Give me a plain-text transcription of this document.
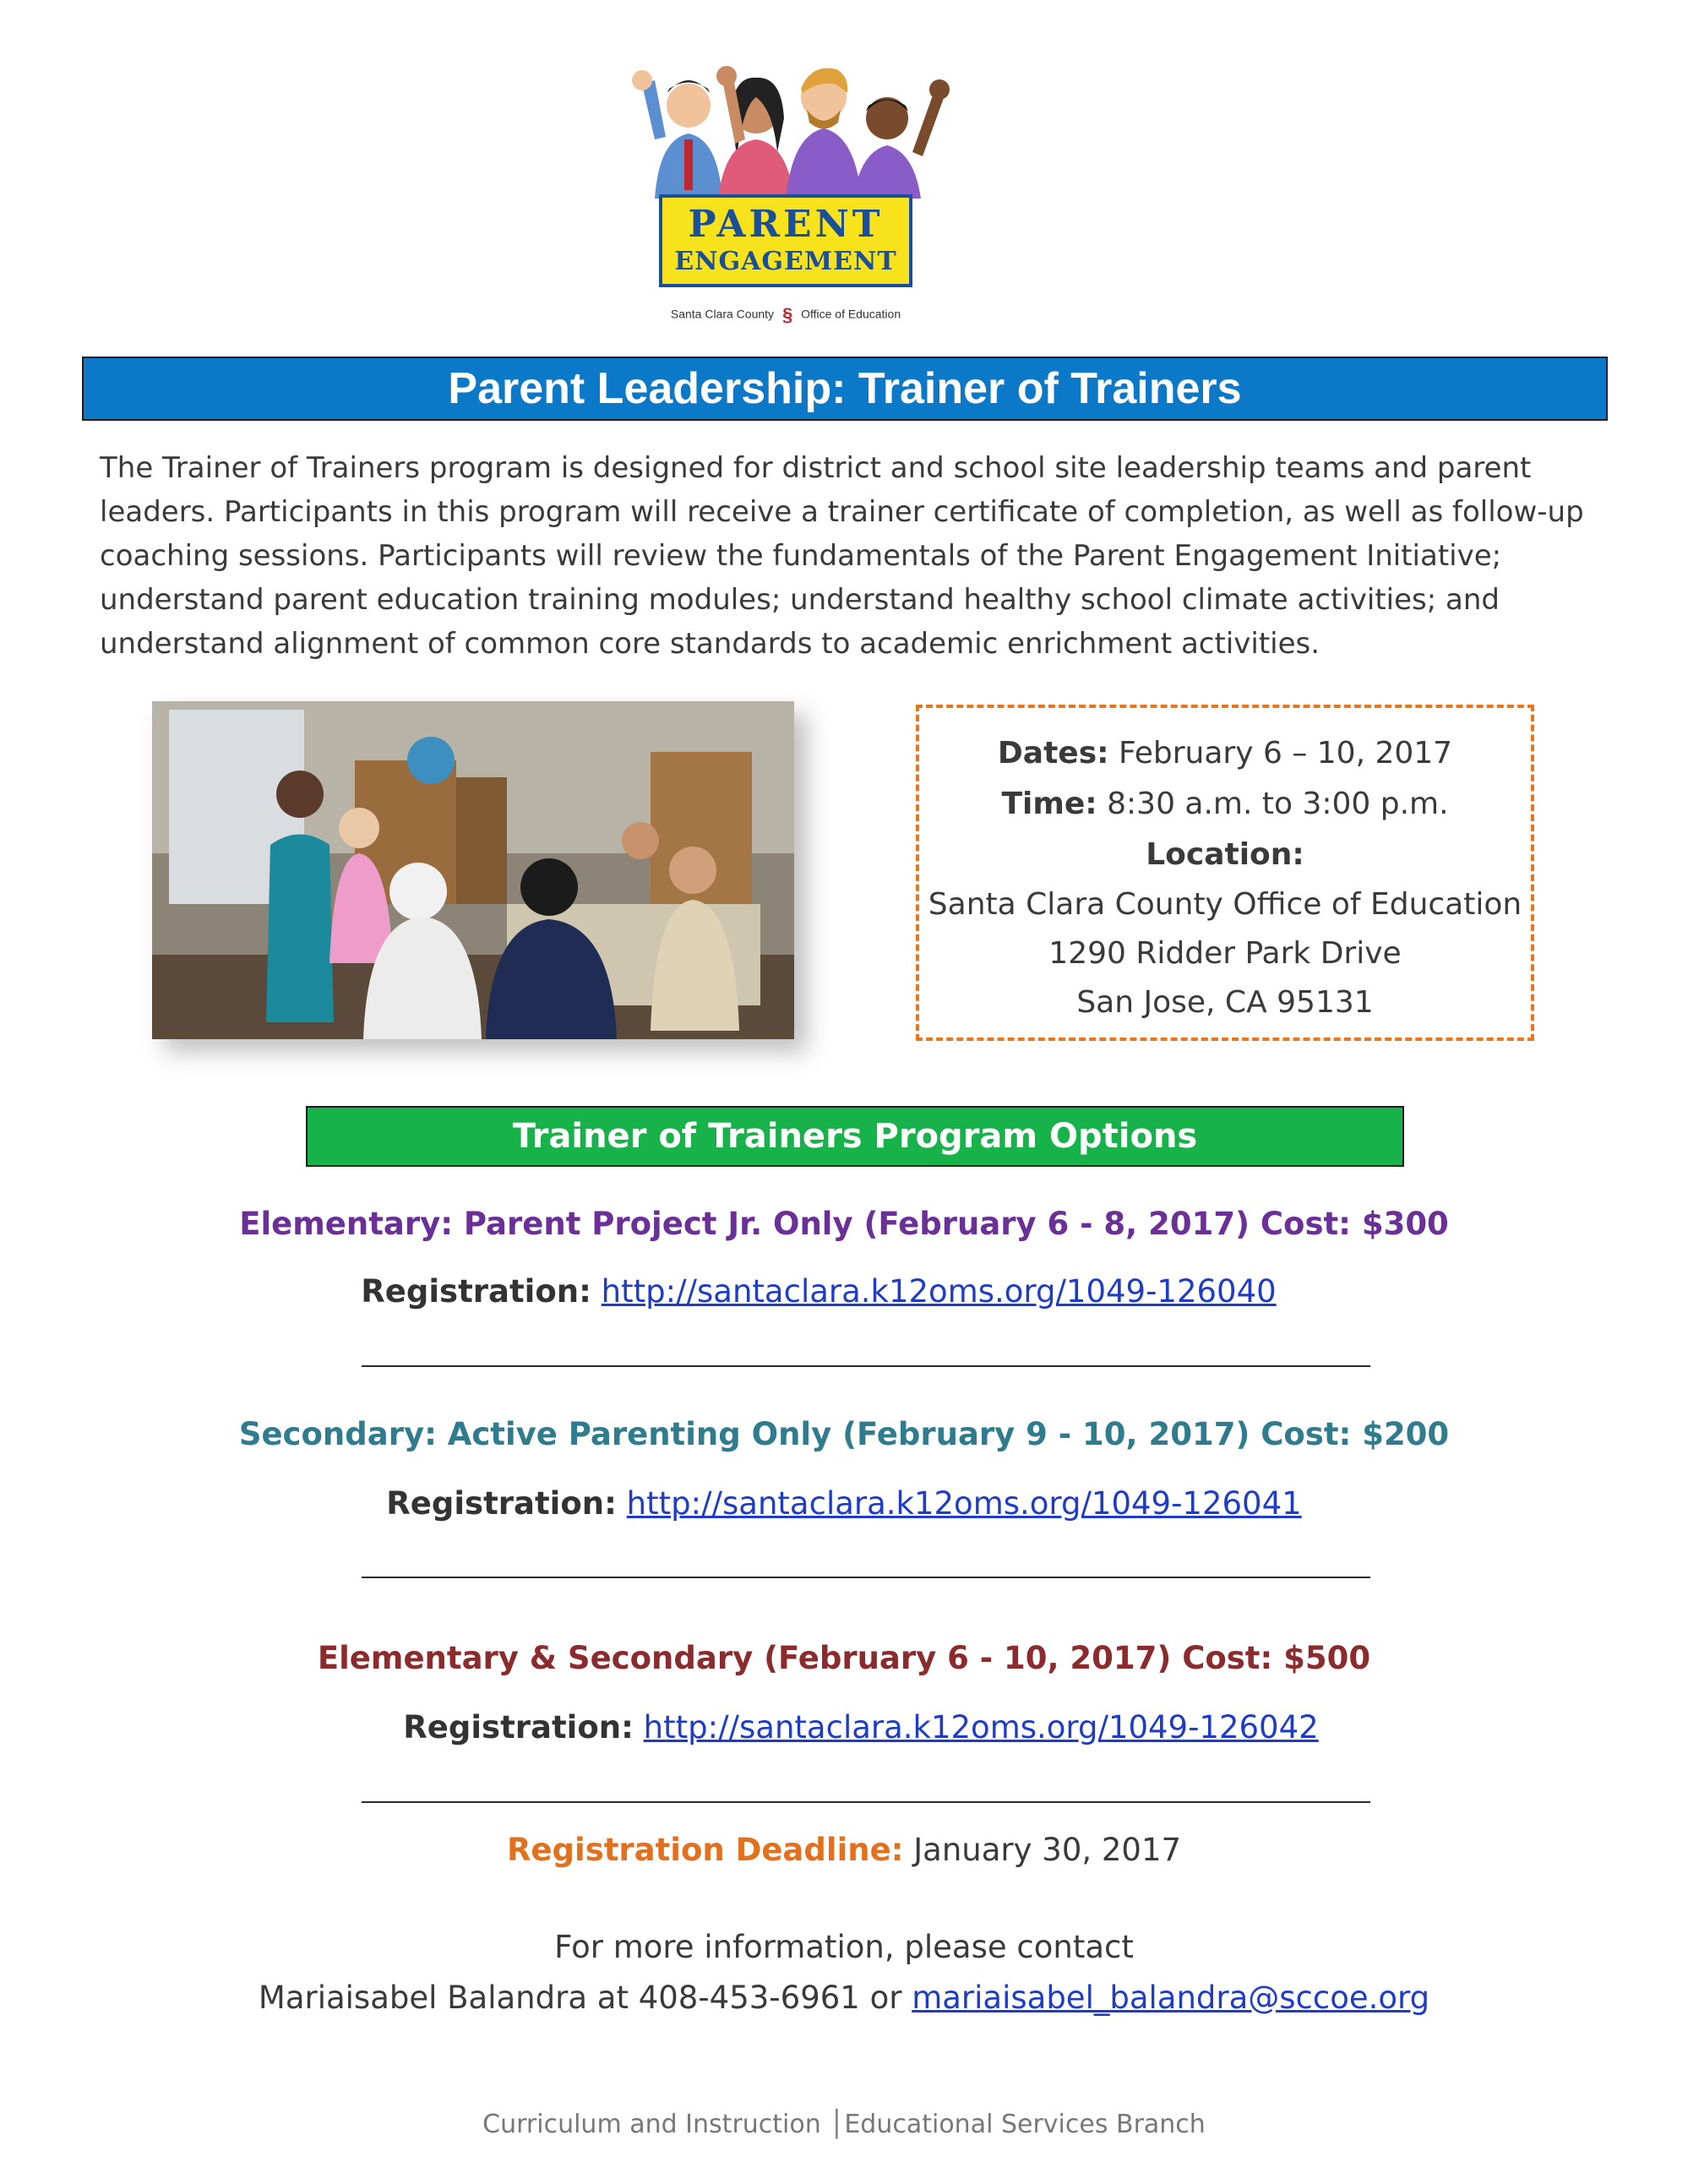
PARENT
ENGAGEMENT
Santa Clara County § Office of Education
Parent Leadership: Trainer of Trainers
The Trainer of Trainers program is designed for district and school site leadership teams and parent leaders. Participants in this program will receive a trainer certificate of completion, as well as follow-up coaching sessions. Participants will review the fundamentals of the Parent Engagement Initiative; understand parent education training modules; understand healthy school climate activities; and understand alignment of common core standards to academic enrichment activities.
Dates: February 6 – 10, 2017
Time: 8:30 a.m. to 3:00 p.m.
Location:
Santa Clara County Office of Education
1290 Ridder Park Drive
San Jose, CA 95131
Trainer of Trainers Program Options
Elementary: Parent Project Jr. Only (February 6 - 8, 2017) Cost: $300
Registration: http://santaclara.k12oms.org/1049-126040
Secondary: Active Parenting Only (February 9 - 10, 2017) Cost: $200
Registration: http://santaclara.k12oms.org/1049-126041
Elementary & Secondary (February 6 - 10, 2017) Cost: $500
Registration: http://santaclara.k12oms.org/1049-126042
Registration Deadline: January 30, 2017
For more information, please contact
Mariaisabel Balandra at 408-453-6961 or mariaisabel_balandra@sccoe.org
Curriculum and Instruction │Educational Services Branch
